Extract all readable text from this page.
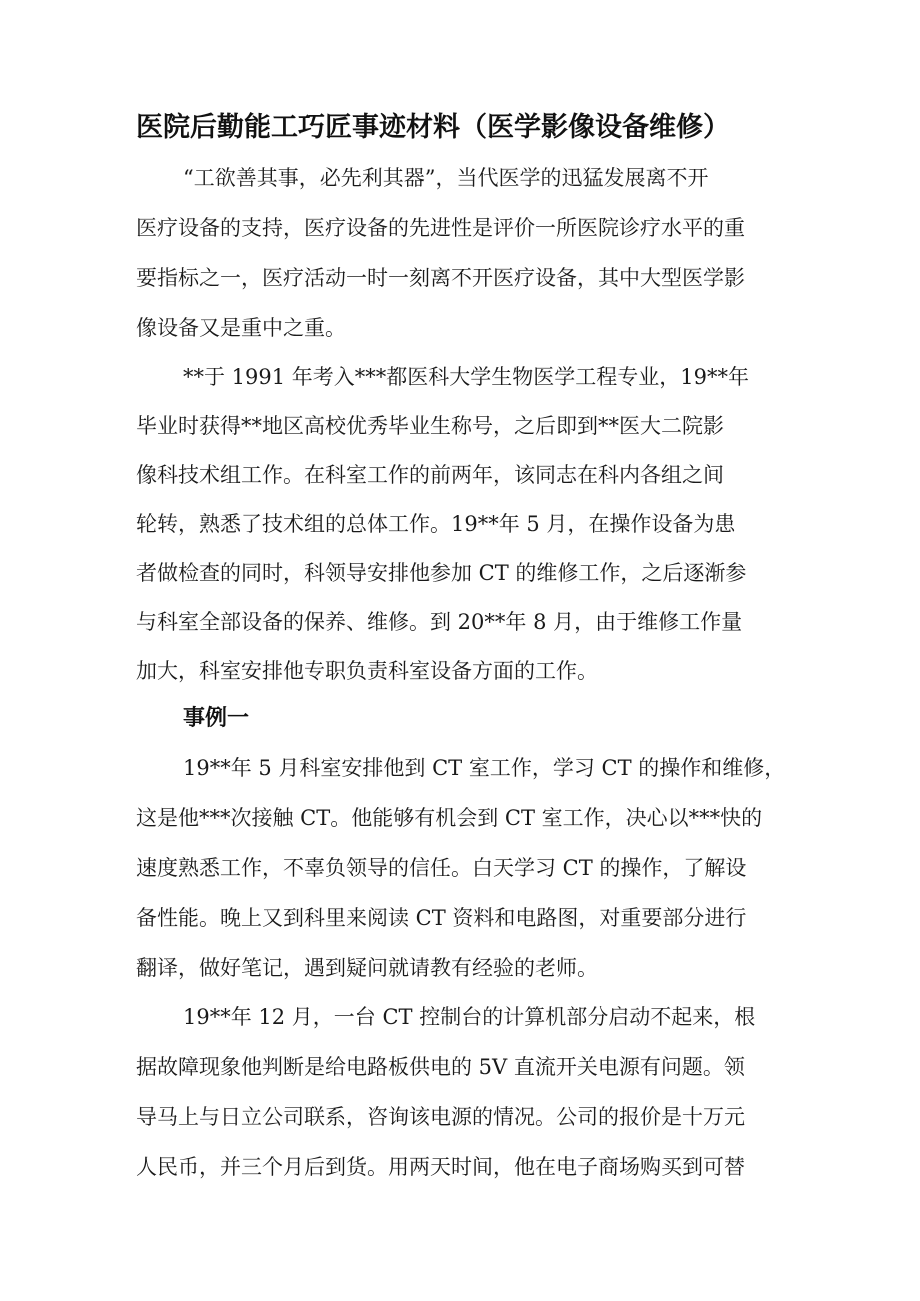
医院后勤能工巧匠事迹材料（医学影像设备维修）

“工欲善其事，必先利其器”，当代医学的迅猛发展离不开

医疗设备的支持，医疗设备的先进性是评价一所医院诊疗水平的重

要指标之一，医疗活动一时一刻离不开医疗设备，其中大型医学影

像设备又是重中之重。

**于 1991 年考入***都医科大学生物医学工程专业，19**年

毕业时获得**地区高校优秀毕业生称号，之后即到**医大二院影

像科技术组工作。在科室工作的前两年，该同志在科内各组之间

轮转，熟悉了技术组的总体工作。19**年 5 月，在操作设备为患

者做检查的同时，科领导安排他参加 CT 的维修工作，之后逐渐参

与科室全部设备的保养、维修。到 20**年 8 月，由于维修工作量

加大，科室安排他专职负责科室设备方面的工作。

事例一

19**年 5 月科室安排他到 CT 室工作，学习 CT 的操作和维修，

这是他***次接触 CT。他能够有机会到 CT 室工作，决心以***快的

速度熟悉工作，不辜负领导的信任。白天学习 CT 的操作，了解设

备性能。晚上又到科里来阅读 CT 资料和电路图，对重要部分进行

翻译，做好笔记，遇到疑问就请教有经验的老师。

19**年 12 月，一台 CT 控制台的计算机部分启动不起来，根

据故障现象他判断是给电路板供电的 5V 直流开关电源有问题。领

导马上与日立公司联系，咨询该电源的情况。公司的报价是十万元

人民币，并三个月后到货。用两天时间，他在电子商场购买到可替
